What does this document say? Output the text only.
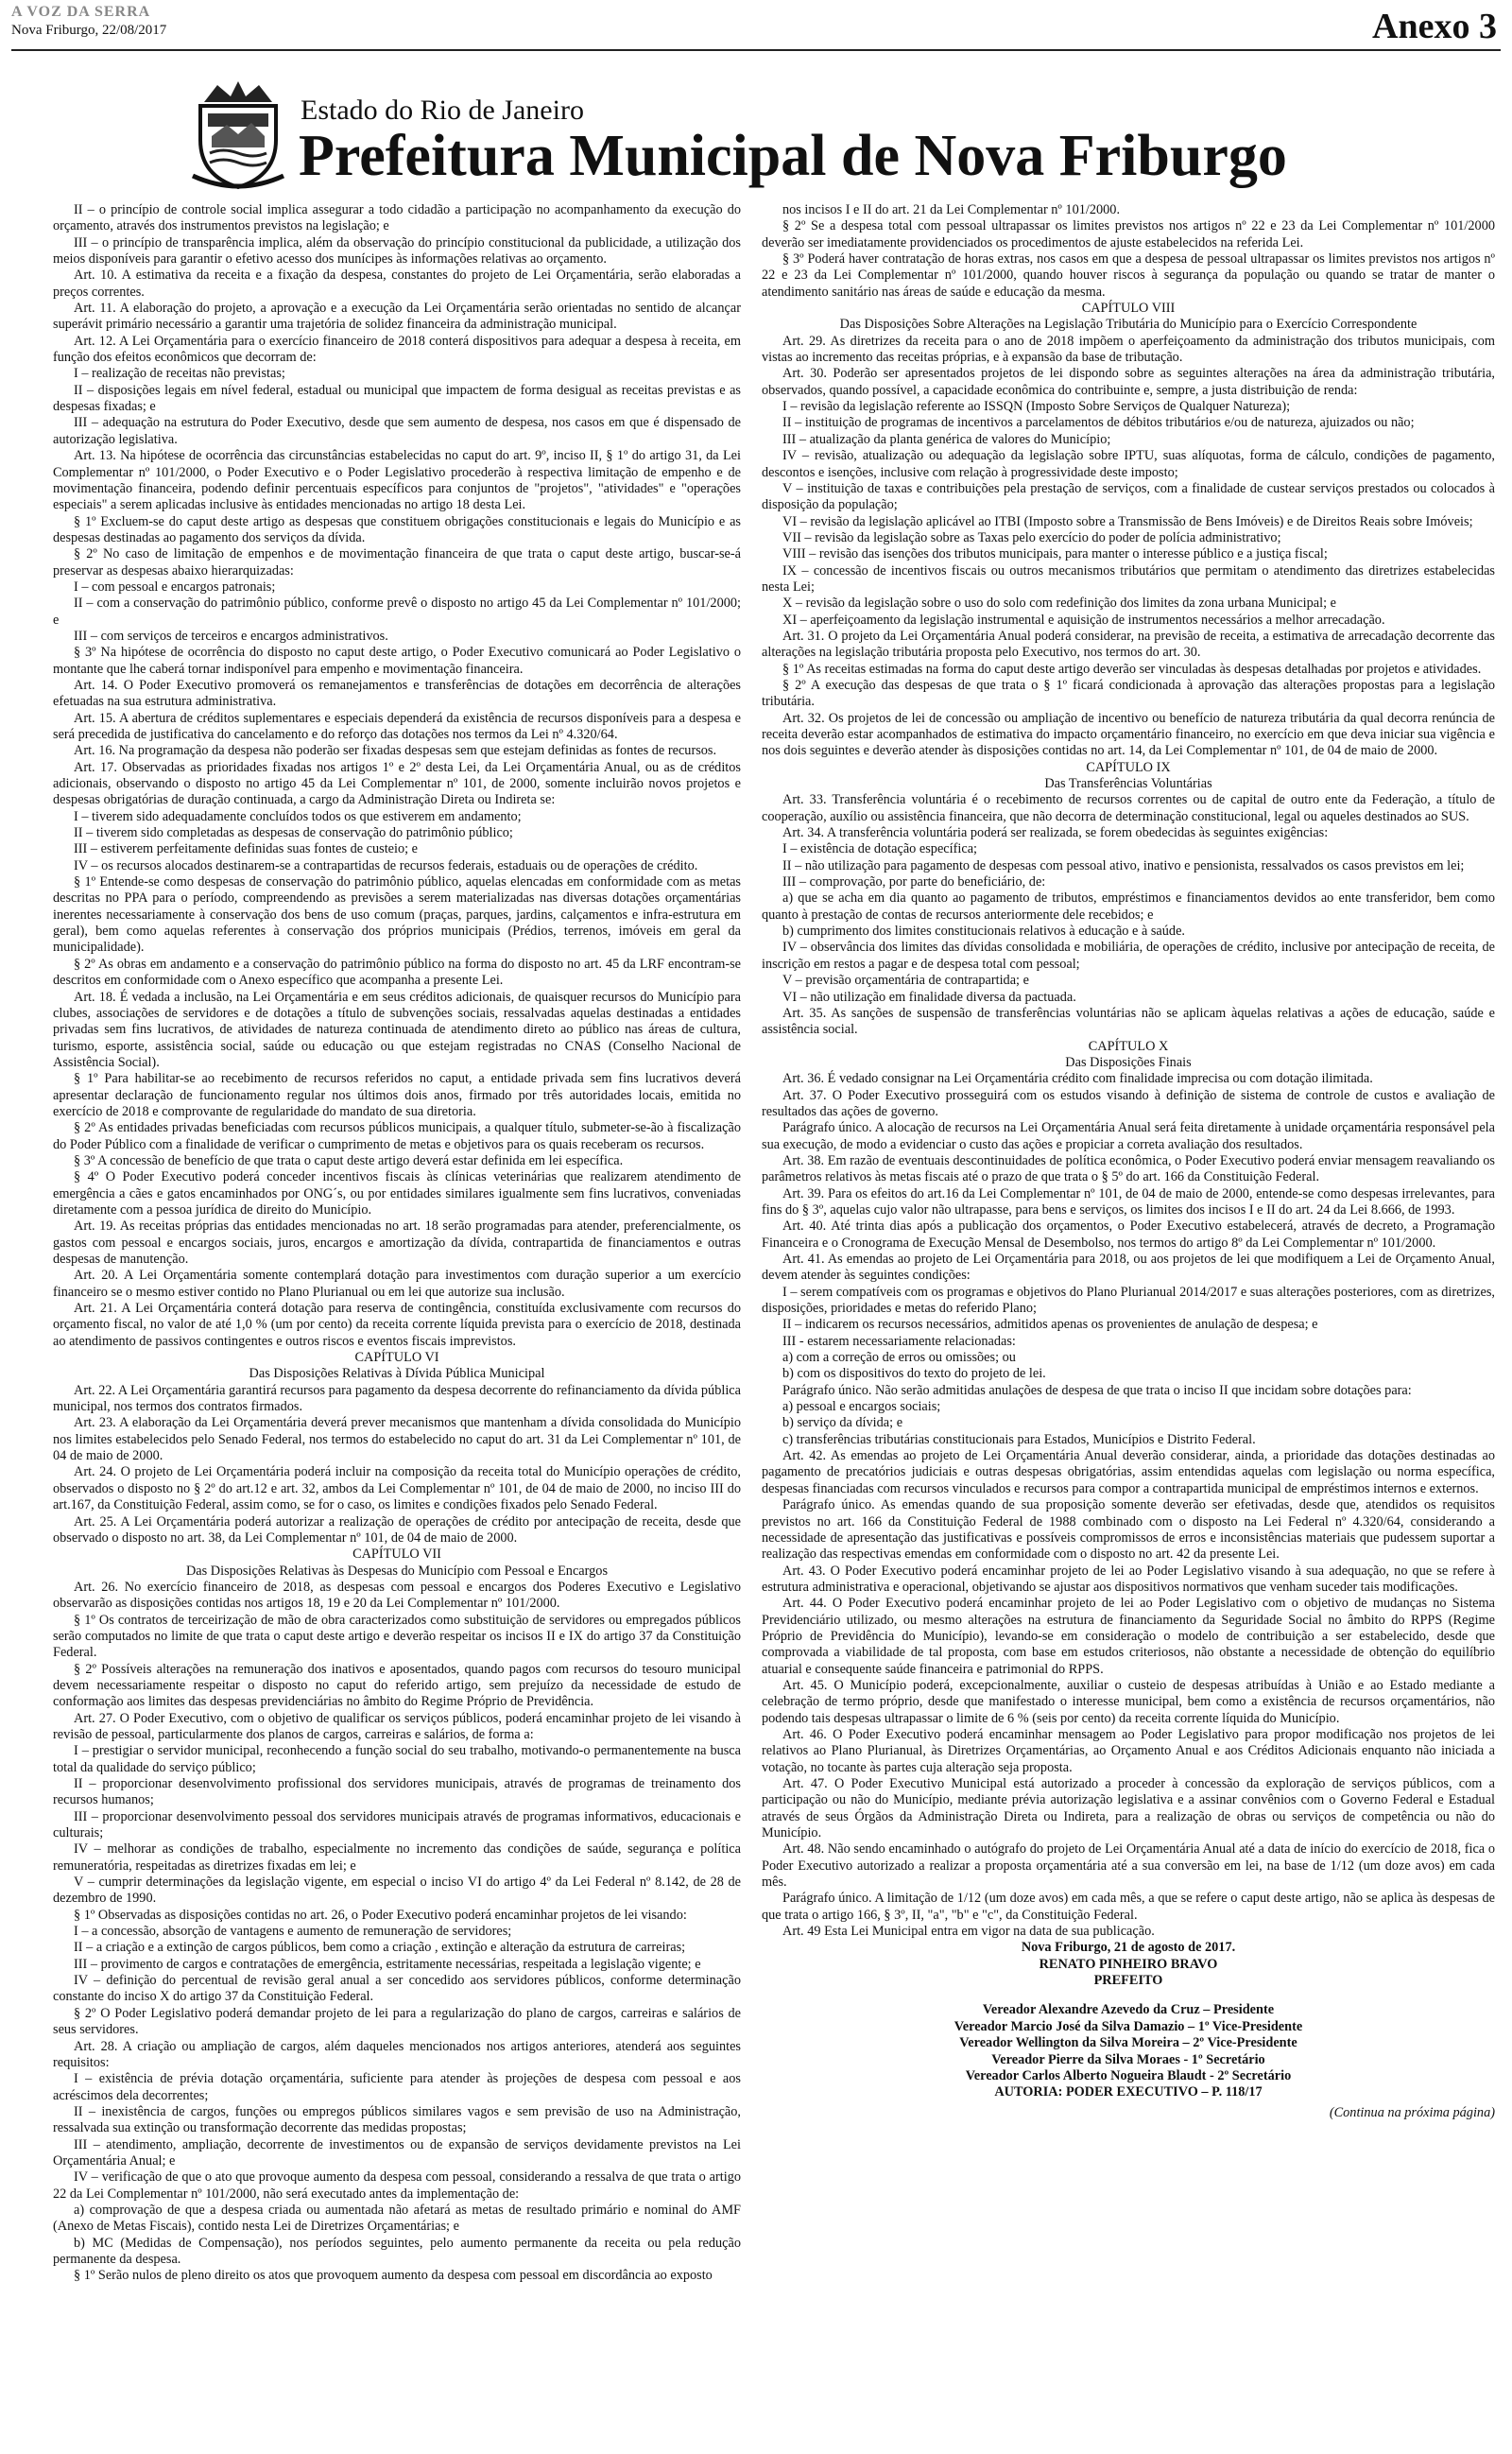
A VOZ DA SERRA
Nova Friburgo, 22/08/2017	Anexo 3
Estado do Rio de Janeiro
Prefeitura Municipal de Nova Friburgo

II – o princípio de controle social implica assegurar a todo cidadão a participação no acompanhamento da execução do orçamento, através dos instrumentos previstos na legislação; e

III – o princípio de transparência implica, além da observação do princípio constitucional da publicidade, a utilização dos meios disponíveis para garantir o efetivo acesso dos munícipes às informações relativas ao orçamento.

Art. 10. A estimativa da receita e a fixação da despesa, constantes do projeto de Lei Orçamentária, serão elaboradas a preços correntes.

Art. 11. A elaboração do projeto, a aprovação e a execução da Lei Orçamentária serão orientadas no sentido de alcançar superávit primário necessário a garantir uma trajetória de solidez financeira da administração municipal.

Art. 12. A Lei Orçamentária para o exercício financeiro de 2018 conterá dispositivos para adequar a despesa à receita, em função dos efeitos econômicos que decorram de:

I – realização de receitas não previstas;

II – disposições legais em nível federal, estadual ou municipal que impactem de forma desigual as receitas previstas e as despesas fixadas; e

III – adequação na estrutura do Poder Executivo, desde que sem aumento de despesa, nos casos em que é dispensado de autorização legislativa.

Art. 13. Na hipótese de ocorrência das circunstâncias estabelecidas no caput do art. 9º, inciso II, § 1º do artigo 31, da Lei Complementar nº 101/2000, o Poder Executivo e o Poder Legislativo procederão à respectiva limitação de empenho e de movimentação financeira, podendo definir percentuais específicos para conjuntos de "projetos", "atividades" e "operações especiais" a serem aplicadas inclusive às entidades mencionadas no artigo 18 desta Lei.

§ 1º Excluem-se do caput deste artigo as despesas que constituem obrigações constitucionais e legais do Município e as despesas destinadas ao pagamento dos serviços da dívida.

§ 2º No caso de limitação de empenhos e de movimentação financeira de que trata o caput deste artigo, buscar-se-á preservar as despesas abaixo hierarquizadas:

I – com pessoal e encargos patronais;

II – com a conservação do patrimônio público, conforme prevê o disposto no artigo 45 da Lei Complementar nº 101/2000; e

III – com serviços de terceiros e encargos administrativos.

§ 3º Na hipótese de ocorrência do disposto no caput deste artigo, o Poder Executivo comunicará ao Poder Legislativo o montante que lhe caberá tornar indisponível para empenho e movimentação financeira.

Art. 14. O Poder Executivo promoverá os remanejamentos e transferências de dotações em decorrência de alterações efetuadas na sua estrutura administrativa.

Art. 15. A abertura de créditos suplementares e especiais dependerá da existência de recursos disponíveis para a despesa e será precedida de justificativa do cancelamento e do reforço das dotações nos termos da Lei nº 4.320/64.

Art. 16. Na programação da despesa não poderão ser fixadas despesas sem que estejam definidas as fontes de recursos.

Art. 17. Observadas as prioridades fixadas nos artigos 1º e 2º desta Lei, da Lei Orçamentária Anual, ou as de créditos adicionais, observando o disposto no artigo 45 da Lei Complementar nº 101, de 2000, somente incluirão novos projetos e despesas obrigatórias de duração continuada, a cargo da Administração Direta ou Indireta se:

I – tiverem sido adequadamente concluídos todos os que estiverem em andamento;

II – tiverem sido completadas as despesas de conservação do patrimônio público;

III – estiverem perfeitamente definidas suas fontes de custeio; e

IV – os recursos alocados destinarem-se a contrapartidas de recursos federais, estaduais ou de operações de crédito.

§ 1º Entende-se como despesas de conservação do patrimônio público, aquelas elencadas em conformidade com as metas descritas no PPA para o período, compreendendo as previsões a serem materializadas nas diversas dotações orçamentárias inerentes necessariamente à conservação dos bens de uso comum (praças, parques, jardins, calçamentos e infra-estrutura em geral), bem como aquelas referentes à conservação dos próprios municipais (Prédios, terrenos, imóveis em geral da municipalidade).

§ 2º As obras em andamento e a conservação do patrimônio público na forma do disposto no art. 45 da LRF encontram-se descritos em conformidade com o Anexo específico que acompanha a presente Lei.

Art. 18. É vedada a inclusão, na Lei Orçamentária e em seus créditos adicionais, de quaisquer recursos do Município para clubes, associações de servidores e de dotações a título de subvenções sociais, ressalvadas aquelas destinadas a entidades privadas sem fins lucrativos, de atividades de natureza continuada de atendimento direto ao público nas áreas de cultura, turismo, esporte, assistência social, saúde ou educação ou que estejam registradas no CNAS (Conselho Nacional de Assistência Social).

§ 1º Para habilitar-se ao recebimento de recursos referidos no caput, a entidade privada sem fins lucrativos deverá apresentar declaração de funcionamento regular nos últimos dois anos, firmado por três autoridades locais, emitida no exercício de 2018 e comprovante de regularidade do mandato de sua diretoria.

§ 2º As entidades privadas beneficiadas com recursos públicos municipais, a qualquer título, submeter-se-ão à fiscalização do Poder Público com a finalidade de verificar o cumprimento de metas e objetivos para os quais receberam os recursos.

§ 3º A concessão de benefício de que trata o caput deste artigo deverá estar definida em lei específica.

§ 4º O Poder Executivo poderá conceder incentivos fiscais às clínicas veterinárias que realizarem atendimento de emergência a cães e gatos encaminhados por ONG´s, ou por entidades similares igualmente sem fins lucrativos, conveniadas diretamente com a pessoa jurídica de direito do Município.

Art. 19. As receitas próprias das entidades mencionadas no art. 18 serão programadas para atender, preferencialmente, os gastos com pessoal e encargos sociais, juros, encargos e amortização da dívida, contrapartida de financiamentos e outras despesas de manutenção.

Art. 20. A Lei Orçamentária somente contemplará dotação para investimentos com duração superior a um exercício financeiro se o mesmo estiver contido no Plano Plurianual ou em lei que autorize sua inclusão.

Art. 21. A Lei Orçamentária conterá dotação para reserva de contingência, constituída exclusivamente com recursos do orçamento fiscal, no valor de até 1,0 % (um por cento) da receita corrente líquida prevista para o exercício de 2018, destinada ao atendimento de passivos contingentes e outros riscos e eventos fiscais imprevistos.

CAPÍTULO VI

Das Disposições Relativas à Dívida Pública Municipal

Art. 22. A Lei Orçamentária garantirá recursos para pagamento da despesa decorrente do refinanciamento da dívida pública municipal, nos termos dos contratos firmados.

Art. 23. A elaboração da Lei Orçamentária deverá prever mecanismos que mantenham a dívida consolidada do Município nos limites estabelecidos pelo Senado Federal, nos termos do estabelecido no caput do art. 31 da Lei Complementar nº 101, de 04 de maio de 2000.

Art. 24. O projeto de Lei Orçamentária poderá incluir na composição da receita total do Município operações de crédito, observados o disposto no § 2º do art.12 e art. 32, ambos da Lei Complementar nº 101, de 04 de maio de 2000, no inciso III do art.167, da Constituição Federal, assim como, se for o caso, os limites e condições fixados pelo Senado Federal.

Art. 25. A Lei Orçamentária poderá autorizar a realização de operações de crédito por antecipação de receita, desde que observado o disposto no art. 38, da Lei Complementar nº 101, de 04 de maio de 2000.

CAPÍTULO VII

Das Disposições Relativas às Despesas do Município com Pessoal e Encargos

Art. 26. No exercício financeiro de 2018, as despesas com pessoal e encargos dos Poderes Executivo e Legislativo observarão as disposições contidas nos artigos 18, 19 e 20 da Lei Complementar nº 101/2000.

§ 1º Os contratos de terceirização de mão de obra caracterizados como substituição de servidores ou empregados públicos serão computados no limite de que trata o caput deste artigo e deverão respeitar os incisos II e IX do artigo 37 da Constituição Federal.

§ 2º Possíveis alterações na remuneração dos inativos e aposentados, quando pagos com recursos do tesouro municipal devem necessariamente respeitar o disposto no caput do referido artigo, sem prejuízo da necessidade de estudo de conformação aos limites das despesas previdenciárias no âmbito do Regime Próprio de Previdência.

Art. 27. O Poder Executivo, com o objetivo de qualificar os serviços públicos, poderá encaminhar projeto de lei visando à revisão de pessoal, particularmente dos planos de cargos, carreiras e salários, de forma a:

I – prestigiar o servidor municipal, reconhecendo a função social do seu trabalho, motivando-o permanentemente na busca total da qualidade do serviço público;

II – proporcionar desenvolvimento profissional dos servidores municipais, através de programas de treinamento dos recursos humanos;

III – proporcionar desenvolvimento pessoal dos servidores municipais através de programas informativos, educacionais e culturais;

IV – melhorar as condições de trabalho, especialmente no incremento das condições de saúde, segurança e política remuneratória, respeitadas as diretrizes fixadas em lei; e

V – cumprir determinações da legislação vigente, em especial o inciso VI do artigo 4º da Lei Federal nº 8.142, de 28 de dezembro de 1990.

§ 1º Observadas as disposições contidas no art. 26, o Poder Executivo poderá encaminhar projetos de lei visando:

I – a concessão, absorção de vantagens e aumento de remuneração de servidores;

II – a criação e a extinção de cargos públicos, bem como a criação , extinção e alteração da estrutura de carreiras;

III – provimento de cargos e contratações de emergência, estritamente necessárias, respeitada a legislação vigente; e

IV – definição do percentual de revisão geral anual a ser concedido aos servidores públicos, conforme determinação constante do inciso X do artigo 37 da Constituição Federal.

§ 2º O Poder Legislativo poderá demandar projeto de lei para a regularização do plano de cargos, carreiras e salários de seus servidores.

Art. 28. A criação ou ampliação de cargos, além daqueles mencionados nos artigos anteriores, atenderá aos seguintes requisitos:

I – existência de prévia dotação orçamentária, suficiente para atender às projeções de despesa com pessoal e aos acréscimos dela decorrentes;

II – inexistência de cargos, funções ou empregos públicos similares vagos e sem previsão de uso na Administração, ressalvada sua extinção ou transformação decorrente das medidas propostas;

III – atendimento, ampliação, decorrente de investimentos ou de expansão de serviços devidamente previstos na Lei Orçamentária Anual; e

IV – verificação de que o ato que provoque aumento da despesa com pessoal, considerando a ressalva de que trata o artigo 22 da Lei Complementar nº 101/2000, não será executado antes da implementação de:

a) comprovação de que a despesa criada ou aumentada não afetará as metas de resultado primário e nominal do AMF (Anexo de Metas Fiscais), contido nesta Lei de Diretrizes Orçamentárias; e

b) MC (Medidas de Compensação), nos períodos seguintes, pelo aumento permanente da receita ou pela redução permanente da despesa.

§ 1º Serão nulos de pleno direito os atos que provoquem aumento da despesa com pessoal em discordância ao exposto

nos incisos I e II do art. 21 da Lei Complementar nº 101/2000.

§ 2º Se a despesa total com pessoal ultrapassar os limites previstos nos artigos nº 22 e 23 da Lei Complementar nº 101/2000 deverão ser imediatamente providenciados os procedimentos de ajuste estabelecidos na referida Lei.

§ 3º Poderá haver contratação de horas extras, nos casos em que a despesa de pessoal ultrapassar os limites previstos nos artigos nº 22 e 23 da Lei Complementar nº 101/2000, quando houver riscos à segurança da população ou quando se tratar de manter o atendimento sanitário nas áreas de saúde e educação da mesma.

CAPÍTULO VIII

Das Disposições Sobre Alterações na Legislação Tributária do Município para o Exercício Correspondente

Art. 29. As diretrizes da receita para o ano de 2018 impõem o aperfeiçoamento da administração dos tributos municipais, com vistas ao incremento das receitas próprias, e à expansão da base de tributação.

Art. 30. Poderão ser apresentados projetos de lei dispondo sobre as seguintes alterações na área da administração tributária, observados, quando possível, a capacidade econômica do contribuinte e, sempre, a justa distribuição de renda:

I – revisão da legislação referente ao ISSQN (Imposto Sobre Serviços de Qualquer Natureza);

II – instituição de programas de incentivos a parcelamentos de débitos tributários e/ou de natureza, ajuizados ou não;

III – atualização da planta genérica de valores do Município;

IV – revisão, atualização ou adequação da legislação sobre IPTU, suas alíquotas, forma de cálculo, condições de pagamento, descontos e isenções, inclusive com relação à progressividade deste imposto;

V – instituição de taxas e contribuições pela prestação de serviços, com a finalidade de custear serviços prestados ou colocados à disposição da população;

VI – revisão da legislação aplicável ao ITBI (Imposto sobre a Transmissão de Bens Imóveis) e de Direitos Reais sobre Imóveis;

VII – revisão da legislação sobre as Taxas pelo exercício do poder de polícia administrativo;

VIII – revisão das isenções dos tributos municipais, para manter o interesse público e a justiça fiscal;

IX – concessão de incentivos fiscais ou outros mecanismos tributários que permitam o atendimento das diretrizes estabelecidas nesta Lei;

X – revisão da legislação sobre o uso do solo com redefinição dos limites da zona urbana Municipal; e

XI – aperfeiçoamento da legislação instrumental e aquisição de instrumentos necessários a melhor arrecadação.

Art. 31. O projeto da Lei Orçamentária Anual poderá considerar, na previsão de receita, a estimativa de arrecadação decorrente das alterações na legislação tributária proposta pelo Executivo, nos termos do art. 30.

§ 1º As receitas estimadas na forma do caput deste artigo deverão ser vinculadas às despesas detalhadas por projetos e atividades.

§ 2º A execução das despesas de que trata o § 1º ficará condicionada à aprovação das alterações propostas para a legislação tributária.

Art. 32. Os projetos de lei de concessão ou ampliação de incentivo ou benefício de natureza tributária da qual decorra renúncia de receita deverão estar acompanhados de estimativa do impacto orçamentário financeiro, no exercício em que deva iniciar sua vigência e nos dois seguintes e deverão atender às disposições contidas no art. 14, da Lei Complementar nº 101, de 04 de maio de 2000.

CAPÍTULO IX

Das Transferências Voluntárias

Art. 33. Transferência voluntária é o recebimento de recursos correntes ou de capital de outro ente da Federação, a título de cooperação, auxílio ou assistência financeira, que não decorra de determinação constitucional, legal ou aqueles destinados ao SUS.

Art. 34. A transferência voluntária poderá ser realizada, se forem obedecidas às seguintes exigências:

I – existência de dotação específica;

II – não utilização para pagamento de despesas com pessoal ativo, inativo e pensionista, ressalvados os casos previstos em lei;

III – comprovação, por parte do beneficiário, de:

a) que se acha em dia quanto ao pagamento de tributos, empréstimos e financiamentos devidos ao ente transferidor, bem como quanto à prestação de contas de recursos anteriormente dele recebidos; e

b) cumprimento dos limites constitucionais relativos à educação e à saúde.

IV – observância dos limites das dívidas consolidada e mobiliária, de operações de crédito, inclusive por antecipação de receita, de inscrição em restos a pagar e de despesa total com pessoal;

V – previsão orçamentária de contrapartida; e

VI – não utilização em finalidade diversa da pactuada.

Art. 35. As sanções de suspensão de transferências voluntárias não se aplicam àquelas relativas a ações de educação, saúde e assistência social.

CAPÍTULO X

Das Disposições Finais

Art. 36. É vedado consignar na Lei Orçamentária crédito com finalidade imprecisa ou com dotação ilimitada.

Art. 37. O Poder Executivo prosseguirá com os estudos visando à definição de sistema de controle de custos e avaliação de resultados das ações de governo.

Parágrafo único. A alocação de recursos na Lei Orçamentária Anual será feita diretamente à unidade orçamentária responsável pela sua execução, de modo a evidenciar o custo das ações e propiciar a correta avaliação dos resultados.

Art. 38. Em razão de eventuais descontinuidades de política econômica, o Poder Executivo poderá enviar mensagem reavaliando os parâmetros relativos às metas fiscais até o prazo de que trata o § 5º do art. 166 da Constituição Federal.

Art. 39. Para os efeitos do art.16 da Lei Complementar nº 101, de 04 de maio de 2000, entende-se como despesas irrelevantes, para fins do § 3º, aquelas cujo valor não ultrapasse, para bens e serviços, os limites dos incisos I e II do art. 24 da Lei 8.666, de 1993.

Art. 40. Até trinta dias após a publicação dos orçamentos, o Poder Executivo estabelecerá, através de decreto, a Programação Financeira e o Cronograma de Execução Mensal de Desembolso, nos termos do artigo 8º da Lei Complementar nº 101/2000.

Art. 41. As emendas ao projeto de Lei Orçamentária para 2018, ou aos projetos de lei que modifiquem a Lei de Orçamento Anual, devem atender às seguintes condições:

I – serem compatíveis com os programas e objetivos do Plano Plurianual 2014/2017 e suas alterações posteriores, com as diretrizes, disposições, prioridades e metas do referido Plano;

II – indicarem os recursos necessários, admitidos apenas os provenientes de anulação de despesa; e

III - estarem necessariamente relacionadas:

a) com a correção de erros ou omissões; ou

b) com os dispositivos do texto do projeto de lei.

Parágrafo único. Não serão admitidas anulações de despesa de que trata o inciso II que incidam sobre dotações para:

a) pessoal e encargos sociais;

b) serviço da dívida; e

c) transferências tributárias constitucionais para Estados, Municípios e Distrito Federal.

Art. 42. As emendas ao projeto de Lei Orçamentária Anual deverão considerar, ainda, a prioridade das dotações destinadas ao pagamento de precatórios judiciais e outras despesas obrigatórias, assim entendidas aquelas com legislação ou norma específica, despesas financiadas com recursos vinculados e recursos para compor a contrapartida municipal de empréstimos internos e externos.

Parágrafo único. As emendas quando de sua proposição somente deverão ser efetivadas, desde que, atendidos os requisitos previstos no art. 166 da Constituição Federal de 1988 combinado com o disposto na Lei Federal nº 4.320/64, considerando a necessidade de apresentação das justificativas e possíveis compromissos de erros e inconsistências materiais que pudessem suportar a realização das respectivas emendas em conformidade com o disposto no art. 42 da presente Lei.

Art. 43. O Poder Executivo poderá encaminhar projeto de lei ao Poder Legislativo visando à sua adequação, no que se refere à estrutura administrativa e operacional, objetivando se ajustar aos dispositivos normativos que venham suceder tais modificações.

Art. 44. O Poder Executivo poderá encaminhar projeto de lei ao Poder Legislativo com o objetivo de mudanças no Sistema Previdenciário utilizado, ou mesmo alterações na estrutura de financiamento da Seguridade Social no âmbito do RPPS (Regime Próprio de Previdência do Município), levando-se em consideração o modelo de contribuição a ser estabelecido, desde que comprovada a viabilidade de tal proposta, com base em estudos criteriosos, não obstante a necessidade de obtenção do equilíbrio atuarial e consequente saúde financeira e patrimonial do RPPS.

Art. 45. O Município poderá, excepcionalmente, auxiliar o custeio de despesas atribuídas à União e ao Estado mediante a celebração de termo próprio, desde que manifestado o interesse municipal, bem como a existência de recursos orçamentários, não podendo tais despesas ultrapassar o limite de 6 % (seis por cento) da receita corrente líquida do Município.

Art. 46. O Poder Executivo poderá encaminhar mensagem ao Poder Legislativo para propor modificação nos projetos de lei relativos ao Plano Plurianual, às Diretrizes Orçamentárias, ao Orçamento Anual e aos Créditos Adicionais enquanto não iniciada a votação, no tocante às partes cuja alteração seja proposta.

Art. 47. O Poder Executivo Municipal está autorizado a proceder à concessão da exploração de serviços públicos, com a participação ou não do Município, mediante prévia autorização legislativa e a assinar convênios com o Governo Federal e Estadual através de seus Órgãos da Administração Direta ou Indireta, para a realização de obras ou serviços de competência ou não do Município.

Art. 48. Não sendo encaminhado o autógrafo do projeto de Lei Orçamentária Anual até a data de início do exercício de 2018, fica o Poder Executivo autorizado a realizar a proposta orçamentária até a sua conversão em lei, na base de 1/12 (um doze avos) em cada mês.

Parágrafo único. A limitação de 1/12 (um doze avos) em cada mês, a que se refere o caput deste artigo, não se aplica às despesas de que trata o artigo 166, § 3º, II, "a", "b" e "c", da Constituição Federal.

Art. 49 Esta Lei Municipal entra em vigor na data de sua publicação.

Nova Friburgo, 21 de agosto de 2017.

RENATO PINHEIRO BRAVO

PREFEITO

Vereador Alexandre Azevedo da Cruz – Presidente

Vereador Marcio José da Silva Damazio – 1º Vice-Presidente

Vereador Wellington da Silva Moreira – 2º Vice-Presidente

Vereador Pierre da Silva Moraes - 1º Secretário

Vereador Carlos Alberto Nogueira Blaudt - 2º Secretário

AUTORIA: PODER EXECUTIVO – P. 118/17

(Continua na próxima página)
